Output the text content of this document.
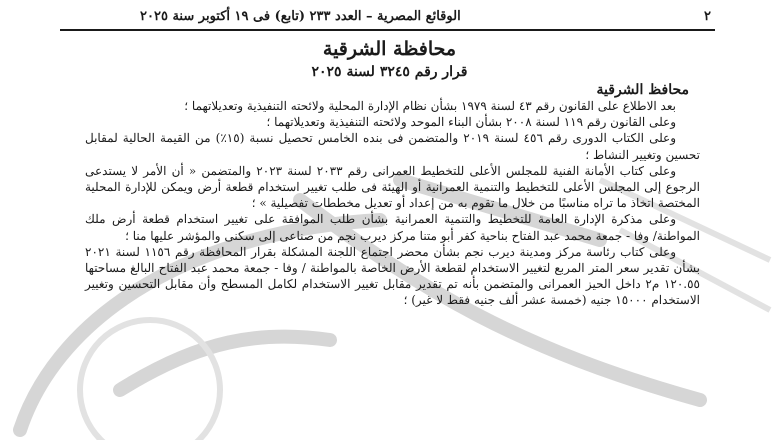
٢
الوقائع المصرية – العدد ٢٣٣ (تابع) فى ١٩ أكتوبر سنة ٢٠٢٥
محافظة الشرقية
قرار رقم ٣٢٤٥ لسنة ٢٠٢٥
محافظ الشرقية

بعد الاطلاع على القانون رقم ٤٣ لسنة ١٩٧٩ بشأن نظام الإدارة المحلية ولائحته التنفيذية وتعديلاتهما ؛

وعلى القانون رقم ١١٩ لسنة ٢٠٠٨ بشأن البناء الموحد ولائحته التنفيذية وتعديلاتهما ؛

وعلى الكتاب الدورى رقم ٤٥٦ لسنة ٢٠١٩ والمتضمن فى بنده الخامس تحصيل نسبة (١٥٪) من القيمة الحالية لمقابل تحسين وتغيير النشاط ؛

وعلى كتاب الأمانة الفنية للمجلس الأعلى للتخطيط العمرانى رقم ٢٠٣٣ لسنة ٢٠٢٣ والمتضمن « أن الأمر لا يستدعى الرجوع إلى المجلس الأعلى للتخطيط والتنمية العمرانية أو الهيئة فى طلب تغيير استخدام قطعة أرض ويمكن للإدارة المحلية المختصة اتخاذ ما تراه مناسبًا من خلال ما تقوم به من إعداد أو تعديل مخططات تفصيلية » ؛

وعلى مذكرة الإدارة العامة للتخطيط والتنمية العمرانية بشأن طلب الموافقة على تغيير استخدام قطعة أرض ملك المواطنة/ وفا - جمعة محمد عبد الفتاح بناحية كفر أبو متنا مركز ديرب نجم من صناعى إلى سكنى والمؤشر عليها منا ؛

وعلى كتاب رئاسة مركز ومدينة ديرب نجم بشأن محضر اجتماع اللجنة المشكلة بقرار المحافظة رقم ١١٥٦ لسنة ٢٠٢١ بشأن تقدير سعر المتر المربع لتغيير الاستخدام لقطعة الأرض الخاصة بالمواطنة / وفا - جمعة محمد عبد الفتاح البالغ مساحتها ١٢٠.٥٥ م٢ داخل الحيز العمرانى والمتضمن بأنه تم تقدير مقابل تغيير الاستخدام لكامل المسطح وأن مقابل التحسين وتغيير الاستخدام ١٥٠٠٠ جنيه (خمسة عشر ألف جنيه فقط لا غير) ؛
